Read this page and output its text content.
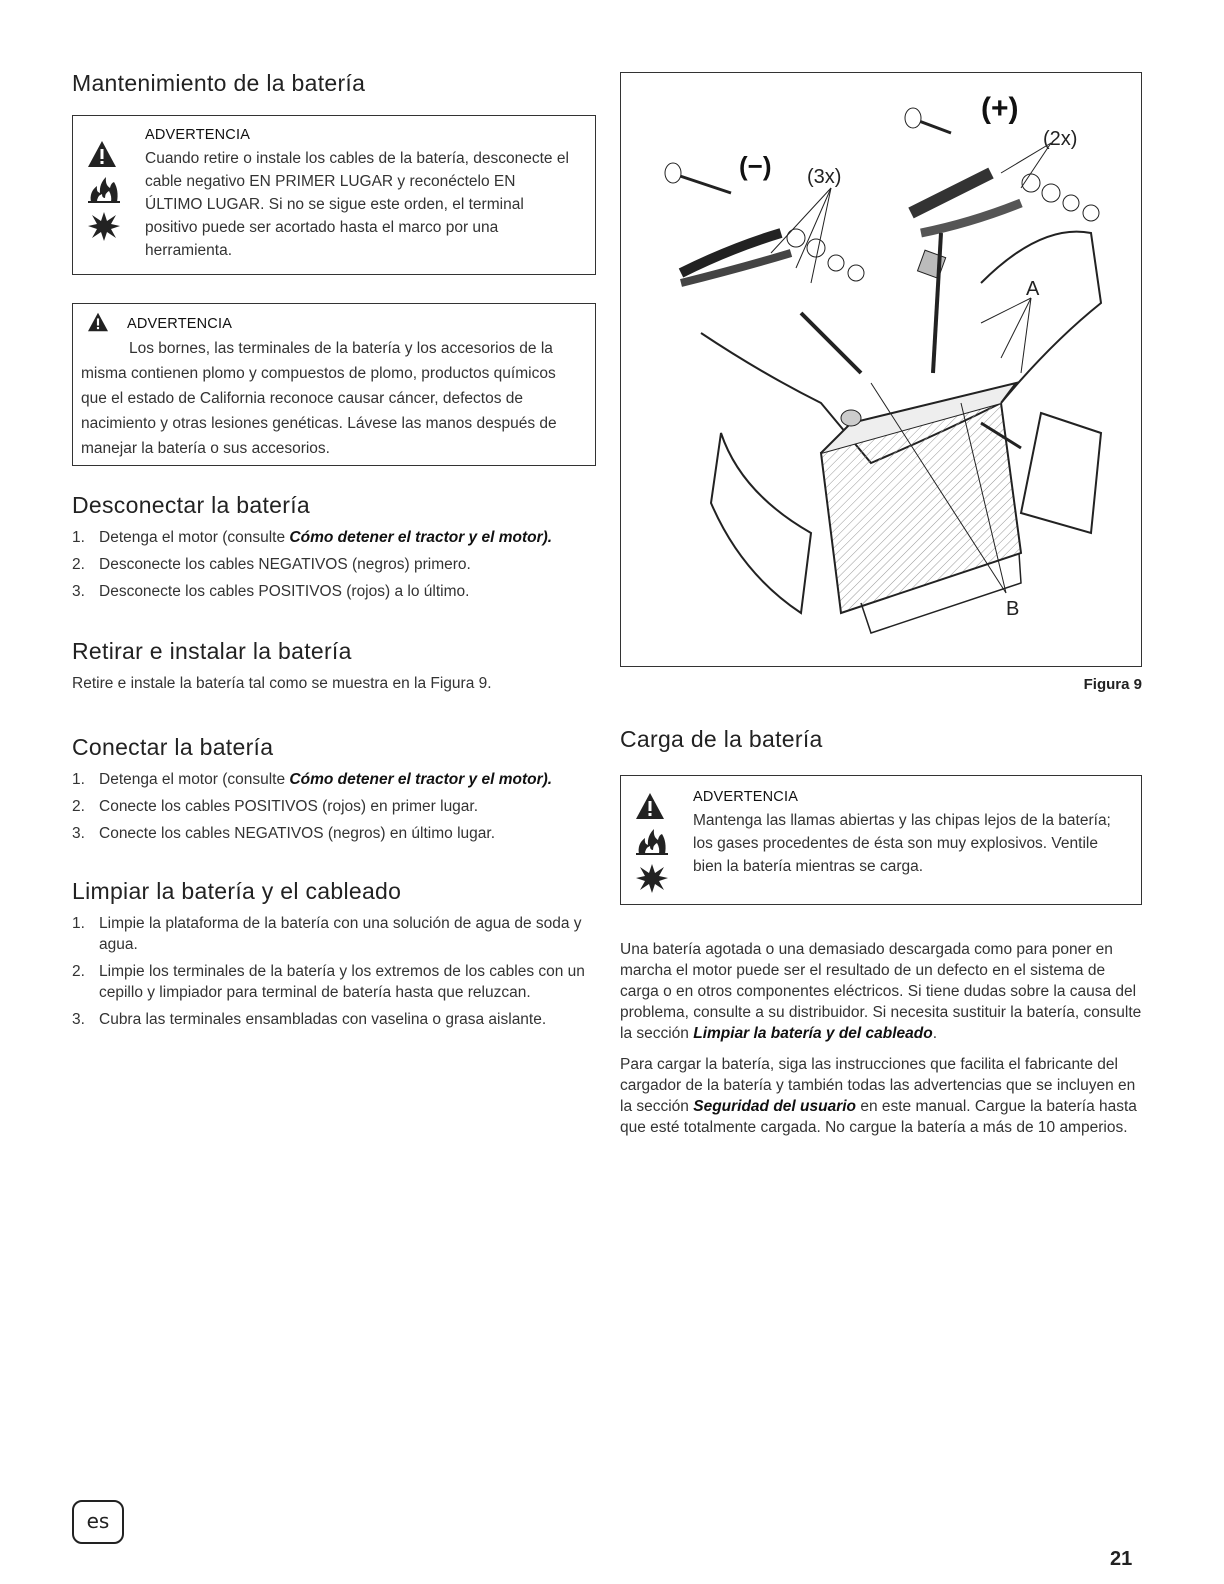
Mantenimiento de la batería
ADVERTENCIA
Cuando retire o instale los cables de la batería, desconecte el cable negativo EN PRIMER LUGAR y reconéctelo EN ÚLTIMO LUGAR. Si no se sigue este orden, el terminal positivo puede ser acortado hasta el marco por una herramienta.
ADVERTENCIA
Los bornes, las terminales de la batería y los accesorios de la misma contienen plomo y compuestos de plomo, productos químicos que el estado de California reconoce causar cáncer, defectos de nacimiento y otras lesiones genéticas. Lávese las manos después de manejar la batería o sus accesorios.
Desconectar la batería
1. Detenga el motor (consulte Cómo detener el tractor y el motor).
2. Desconecte los cables NEGATIVOS (negros) primero.
3. Desconecte los cables POSITIVOS (rojos) a lo último.
Retirar e instalar la batería

Retire e instale la batería tal como se muestra en la Figura 9.

Conectar la batería
1. Detenga el motor (consulte Cómo detener el tractor y el motor).
2. Conecte los cables POSITIVOS (rojos) en primer lugar.
3. Conecte los cables NEGATIVOS (negros) en último lugar.
Limpiar la batería y el cableado
1. Limpie la plataforma de la batería con una solución de agua de soda y agua.
2. Limpie los terminales de la batería y los extremos de los cables con un cepillo y limpiador para terminal de batería hasta que reluzcan.
3. Cubra las terminales ensambladas con vaselina o grasa aislante.
(+)
(2x)
(−) (3x)
A
B
Figura 9
Carga de la batería
ADVERTENCIA
Mantenga las llamas abiertas y las chipas lejos de la batería; los gases procedentes de ésta son muy explosivos. Ventile bien la batería mientras se carga.

Una batería agotada o una demasiado descargada como para poner en marcha el motor puede ser el resultado de un defecto en el sistema de carga o en otros componentes eléctricos. Si tiene dudas sobre la causa del problema, consulte a su distribuidor. Si necesita sustituir la batería, consulte la sección Limpiar la batería y del cableado.

Para cargar la batería, siga las instrucciones que facilita el fabricante del cargador de la batería y también todas las advertencias que se incluyen en la sección Seguridad del usuario en este manual. Cargue la batería hasta que esté totalmente cargada. No cargue la batería a más de 10 amperios.

es
21
